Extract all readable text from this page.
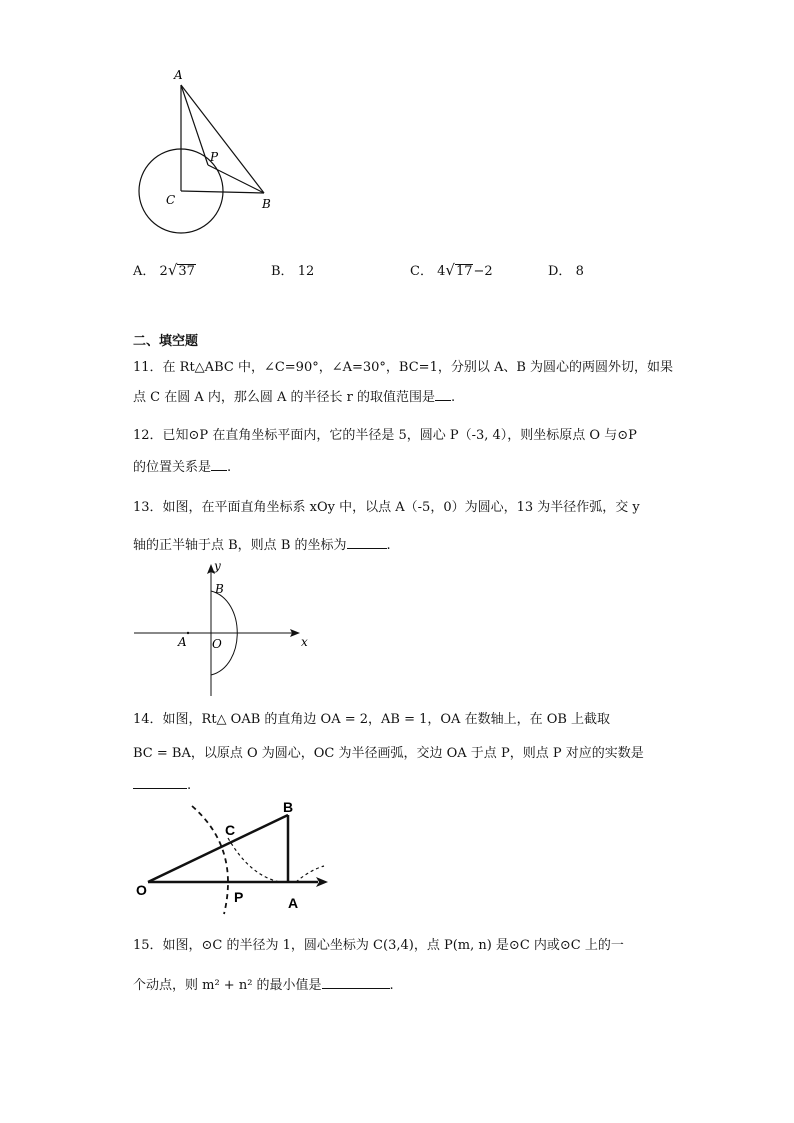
A
P
C	B
A． 2√37	B． 12	C． 4√17−2	D． 8
二、填空题
11．在 Rt△ABC 中，∠C=90°，∠A=30°，BC=1，分别以 A、B 为圆心的两圆外切，如果
点 C 在圆 A 内，那么圆 A 的半径长 r 的取值范围是 .
12．已知⊙P 在直角坐标平面内，它的半径是 5，圆心 P（-3, 4），则坐标原点 O 与⊙P
的位置关系是 .
13．如图，在平面直角坐标系 xOy 中，以点 A（-5，0）为圆心，13 为半径作弧，交 y
轴的正半轴于点 B，则点 B 的坐标为	.
y
x
B
A O
14．如图，Rt△ OAB 的直角边 OA = 2，AB = 1，OA 在数轴上，在 OB 上截取
BC = BA，以原点 O 为圆心，OC 为半径画弧，交边 OA 于点 P，则点 P 对应的实数是
.
B
C
O	P	A
15．如图，⊙C 的半径为 1，圆心坐标为 C(3,4)，点 P(m, n) 是⊙C 内或⊙C 上的一
个动点，则 m² + n² 的最小值是	.
